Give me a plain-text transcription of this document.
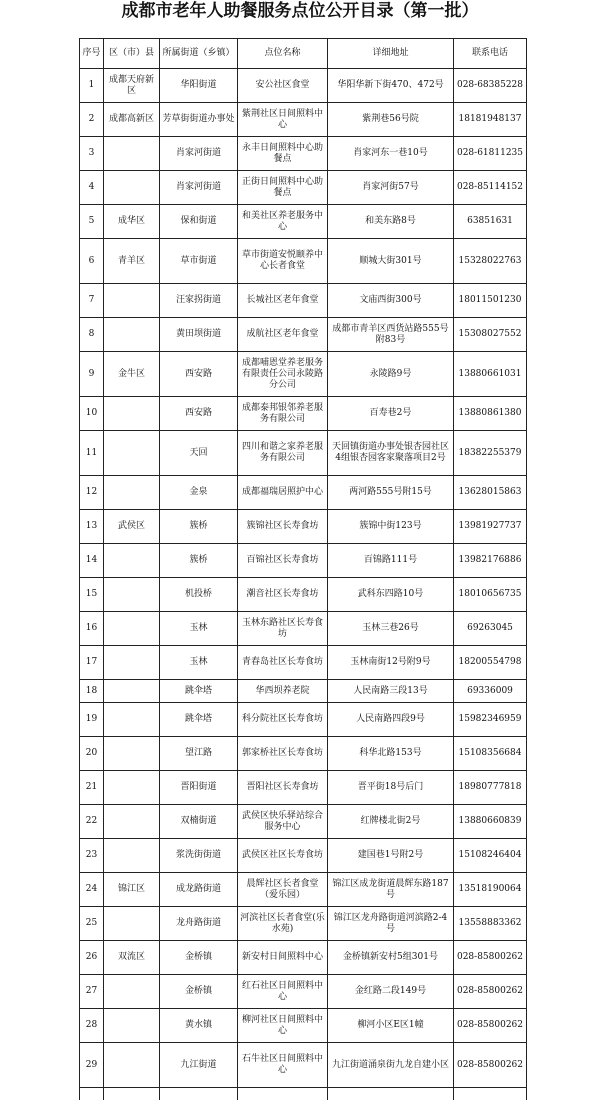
成都市老年人助餐服务点位公开目录（第一批）
序号	区（市）县	所属街道（乡镇）	点位名称	详细地址	联系电话
1	成都天府新区	华阳街道	安公社区食堂	华阳华新下街470、472号	028-68385228
2	成都高新区	芳草街街道办事处	紫荆社区日间照料中心	紫荆巷56号院	18181948137
3		肖家河街道	永丰日间照料中心助餐点	肖家河东一巷10号	028-61811235
4		肖家河街道	正街日间照料中心助餐点	肖家河街57号	028-85114152
5	成华区	保和街道	和美社区养老服务中心	和美东路8号	63851631
6	青羊区	草市街道	草市街道安悦颐养中心长者食堂	顺城大街301号	15328022763
7		汪家拐街道	长城社区老年食堂	文庙西街300号	18011501230
8		黄田坝街道	成航社区老年食堂	成都市青羊区西货站路555号附83号	15308027552
9	金牛区	西安路	成都哺恩堂养老服务有限责任公司永陵路分公司	永陵路9号	13880661031
10		西安路	成都泰邦银邻养老服务有限公司	百寿巷2号	13880861380
11		天回	四川和谐之家养老服务有限公司	天回镇街道办事处银杏园社区4组银杏园客家聚落项目2号	18382255379
12		金泉	成都福瑞居照护中心	两河路555号附15号	13628015863
13	武侯区	簇桥	簇锦社区长寿食坊	簇锦中街123号	13981927737
14		簇桥	百锦社区长寿食坊	百锦路111号	13982176886
15		机投桥	潮音社区长寿食坊	武科东四路10号	18010656735
16		玉林	玉林东路社区长寿食坊	玉林三巷26号	69263045
17		玉林	青春岛社区长寿食坊	玉林南街12号附9号	18200554798
18		跳伞塔	华西坝养老院	人民南路三段13号	69336009
19		跳伞塔	科分院社区长寿食坊	人民南路四段9号	15982346959
20		望江路	郭家桥社区长寿食坊	科华北路153号	15108356684
21		晋阳街道	晋阳社区长寿食坊	晋平街18号后门	18980777818
22		双楠街道	武侯区快乐驿站综合服务中心	红牌楼北街2号	13880660839
23		浆洗街街道	武侯区社区长寿食坊	建国巷1号附2号	15108246404
24	锦江区	成龙路街道	晨辉社区长者食堂（爱乐园）	锦江区成龙街道晨辉东路187号	13518190064
25		龙舟路街道	河滨社区长者食堂(乐水苑)	锦江区龙舟路街道河滨路2-4号	13558883362
26	双流区	金桥镇	新安村日间照料中心	金桥镇新安村5组301号	028-85800262
27		金桥镇	红石社区日间照料中心	金红路二段149号	028-85800262
28		黄水镇	柳河社区日间照料中心	柳河小区E区1幢	028-85800262
29		九江街道	石牛社区日间照料中心	九江街道涌泉街九龙自建小区	028-85800262
